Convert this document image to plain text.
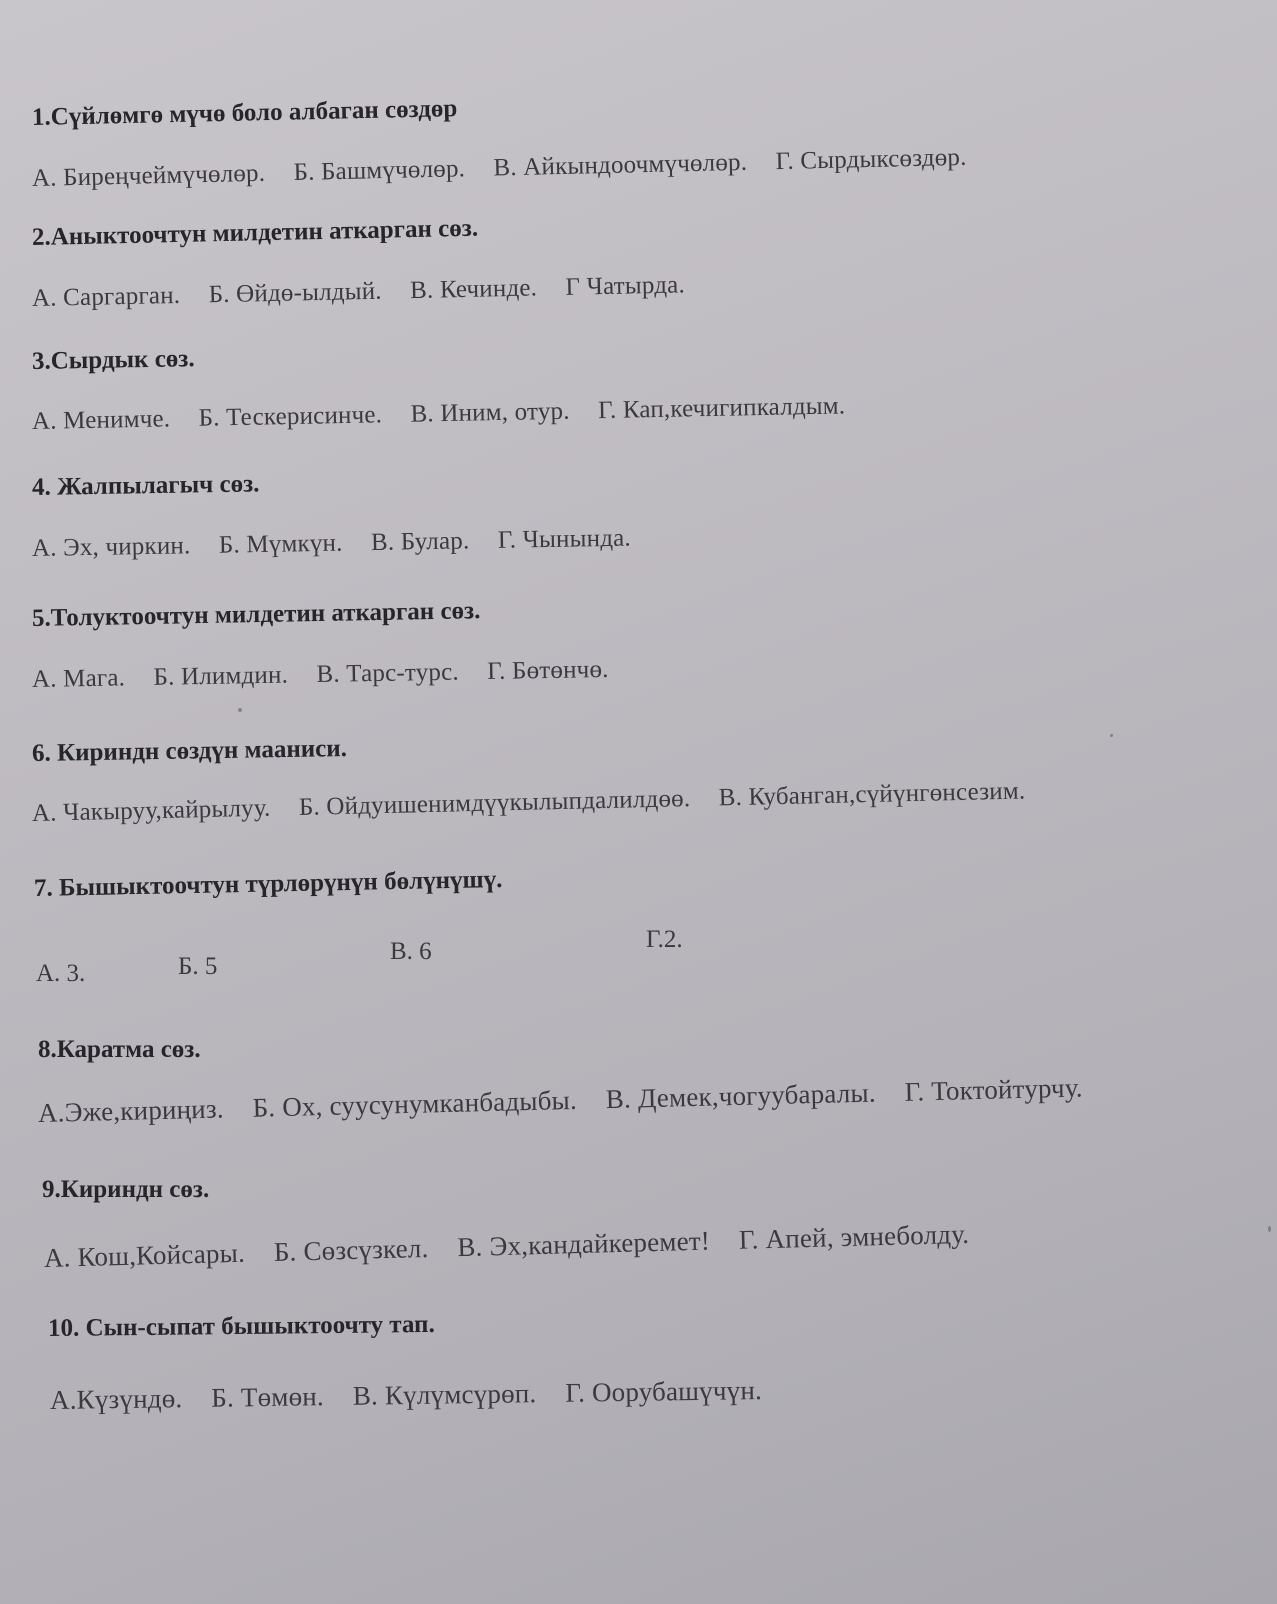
1.Сүйлөмгө мүчө боло албаган сөздөр
А. Биреңчеймүчөлөр. Б. Башмүчөлөр. В. Айкындоочмүчөлөр. Г. Сырдыксөздөр.
2.Аныктоочтун милдетин аткарган сөз.
А. Саргарган. Б. Өйдө-ылдый. В. Кечинде. Г Чатырда.
3.Сырдык сөз.
А. Менимче. Б. Тескерисинче. В. Иним, отур. Г. Кап,кечигипкалдым.
4. Жалпылагыч сөз.
А. Эх, чиркин. Б. Мүмкүн. В. Булар. Г. Чынында.
5.Толуктоочтун милдетин аткарган сөз.
А. Мага. Б. Илимдин. В. Тарс-турс. Г. Бөтөнчө.
6. Кириндн сөздүн мааниси.
А. Чакыруу,кайрылуу. Б. Ойдуишенимдүүкылыпдалилдөө. В. Кубанган,сүйүнгөнсезим.
7. Бышыктоочтун түрлөрүнүн бөлүнүшү.
А. 3.	Б. 5
В. 6	Г.2.
8.Каратма сөз.
А.Эже,кириңиз. Б. Ох, суусунумканбадыбы. В. Демек,чогуубаралы. Г. Токтойтурчу.
9.Кириндн сөз.
А. Кош,Койсары. Б. Сөзсүзкел. В. Эх,кандайкеремет! Г. Апей, эмнеболду.
10. Сын-сыпат бышыктоочту тап.
А.Күзүндө. Б. Төмөн. В. Күлүмсүрөп. Г. Оорубашүчүн.
